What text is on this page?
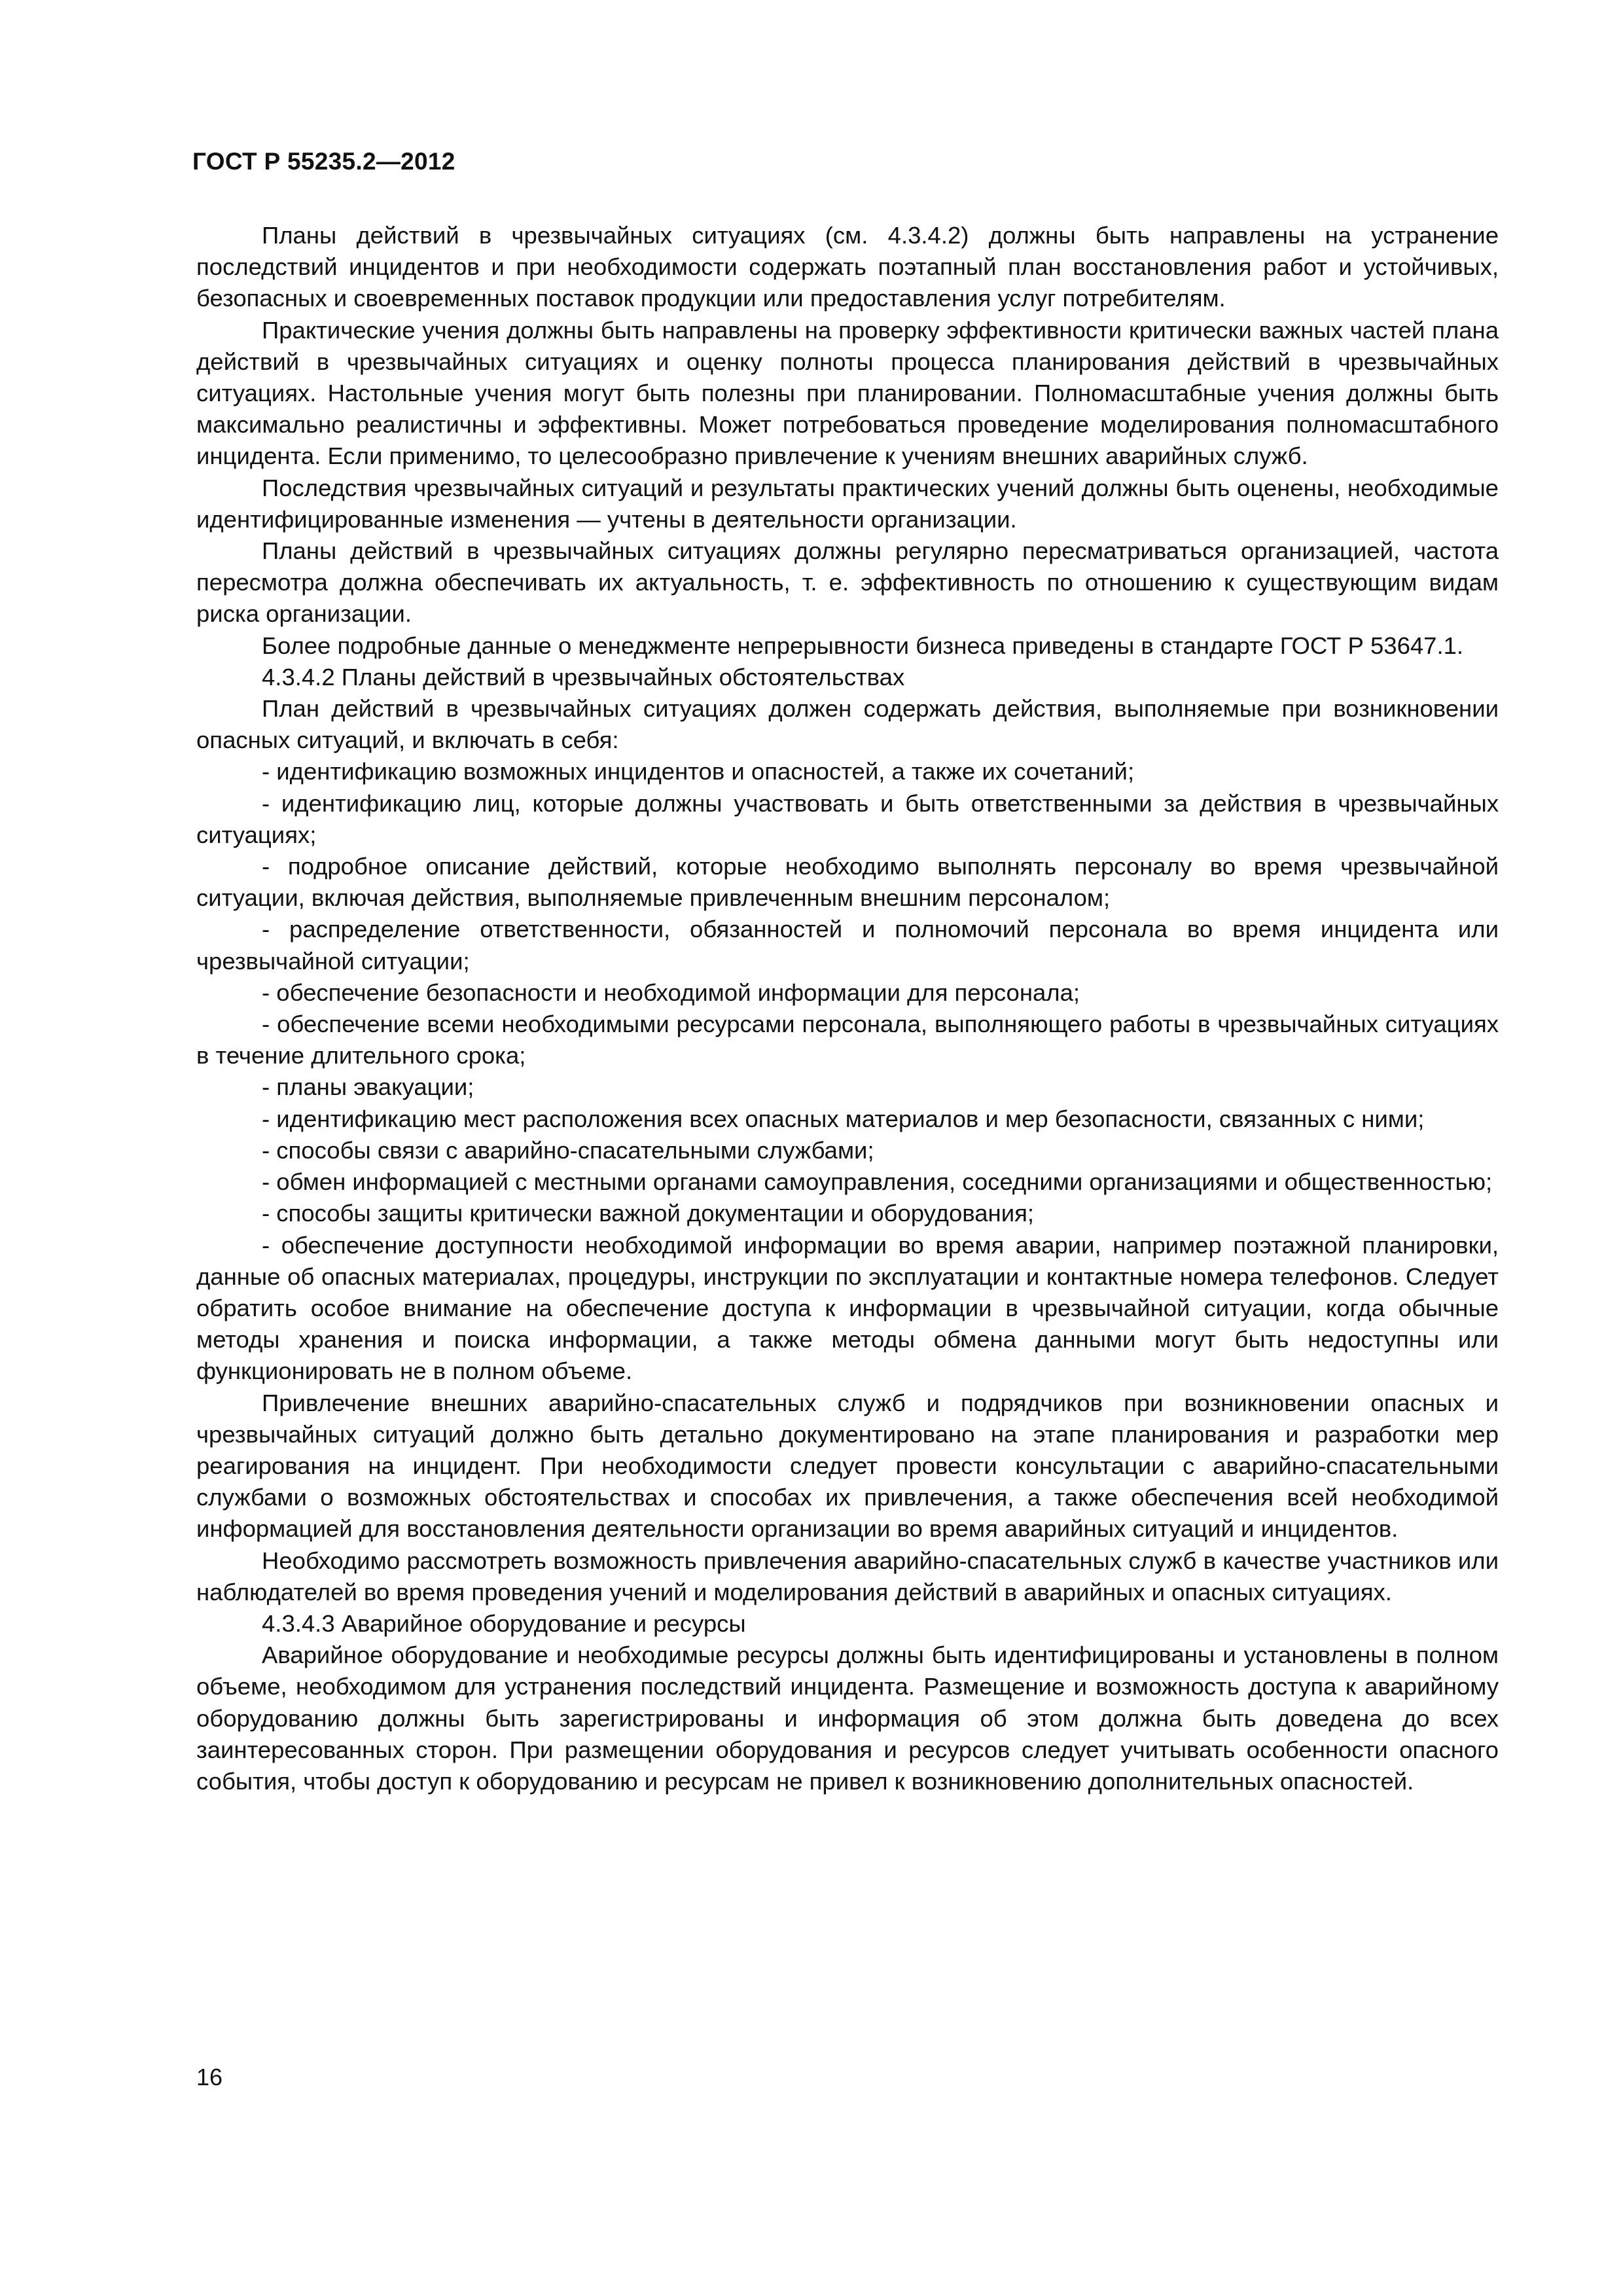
ГОСТ Р 55235.2—2012

Планы действий в чрезвычайных ситуациях (см. 4.3.4.2) должны быть направлены на устранение последствий инцидентов и при необходимости содержать поэтапный план восстановления работ и устойчивых, безопасных и своевременных поставок продукции или предоставления услуг потребителям.

Практические учения должны быть направлены на проверку эффективности критически важных частей плана действий в чрезвычайных ситуациях и оценку полноты процесса планирования действий в чрезвычайных ситуациях. Настольные учения могут быть полезны при планировании. Полномасштабные учения должны быть максимально реалистичны и эффективны. Может потребоваться проведение моделирования полномасштабного инцидента. Если применимо, то целесообразно привлечение к учениям внешних аварийных служб.

Последствия чрезвычайных ситуаций и результаты практических учений должны быть оценены, необходимые идентифицированные изменения — учтены в деятельности организации.

Планы действий в чрезвычайных ситуациях должны регулярно пересматриваться организацией, частота пересмотра должна обеспечивать их актуальность, т. е. эффективность по отношению к существующим видам риска организации.

Более подробные данные о менеджменте непрерывности бизнеса приведены в стандарте ГОСТ Р 53647.1.

4.3.4.2 Планы действий в чрезвычайных обстоятельствах

План действий в чрезвычайных ситуациях должен содержать действия, выполняемые при возникновении опасных ситуаций, и включать в себя:

- идентификацию возможных инцидентов и опасностей, а также их сочетаний;

- идентификацию лиц, которые должны участвовать и быть ответственными за действия в чрезвычайных ситуациях;

- подробное описание действий, которые необходимо выполнять персоналу во время чрезвычайной ситуации, включая действия, выполняемые привлеченным внешним персоналом;

- распределение ответственности, обязанностей и полномочий персонала во время инцидента или чрезвычайной ситуации;

- обеспечение безопасности и необходимой информации для персонала;

- обеспечение всеми необходимыми ресурсами персонала, выполняющего работы в чрезвычайных ситуациях в течение длительного срока;

- планы эвакуации;

- идентификацию мест расположения всех опасных материалов и мер безопасности, связанных с ними;

- способы связи с аварийно-спасательными службами;

- обмен информацией с местными органами самоуправления, соседними организациями и общественностью;

- способы защиты критически важной документации и оборудования;

- обеспечение доступности необходимой информации во время аварии, например поэтажной планировки, данные об опасных материалах, процедуры, инструкции по эксплуатации и контактные номера телефонов. Следует обратить особое внимание на обеспечение доступа к информации в чрезвычайной ситуации, когда обычные методы хранения и поиска информации, а также методы обмена данными могут быть недоступны или функционировать не в полном объеме.

Привлечение внешних аварийно-спасательных служб и подрядчиков при возникновении опасных и чрезвычайных ситуаций должно быть детально документировано на этапе планирования и разработки мер реагирования на инцидент. При необходимости следует провести консультации с аварийно-спасательными службами о возможных обстоятельствах и способах их привлечения, а также обеспечения всей необходимой информацией для восстановления деятельности организации во время аварийных ситуаций и инцидентов.

Необходимо рассмотреть возможность привлечения аварийно-спасательных служб в качестве участников или наблюдателей во время проведения учений и моделирования действий в аварийных и опасных ситуациях.

4.3.4.3 Аварийное оборудование и ресурсы

Аварийное оборудование и необходимые ресурсы должны быть идентифицированы и установлены в полном объеме, необходимом для устранения последствий инцидента. Размещение и возможность доступа к аварийному оборудованию должны быть зарегистрированы и информация об этом должна быть доведена до всех заинтересованных сторон. При размещении оборудования и ресурсов следует учитывать особенности опасного события, чтобы доступ к оборудованию и ресурсам не привел к возникновению дополнительных опасностей.

16
